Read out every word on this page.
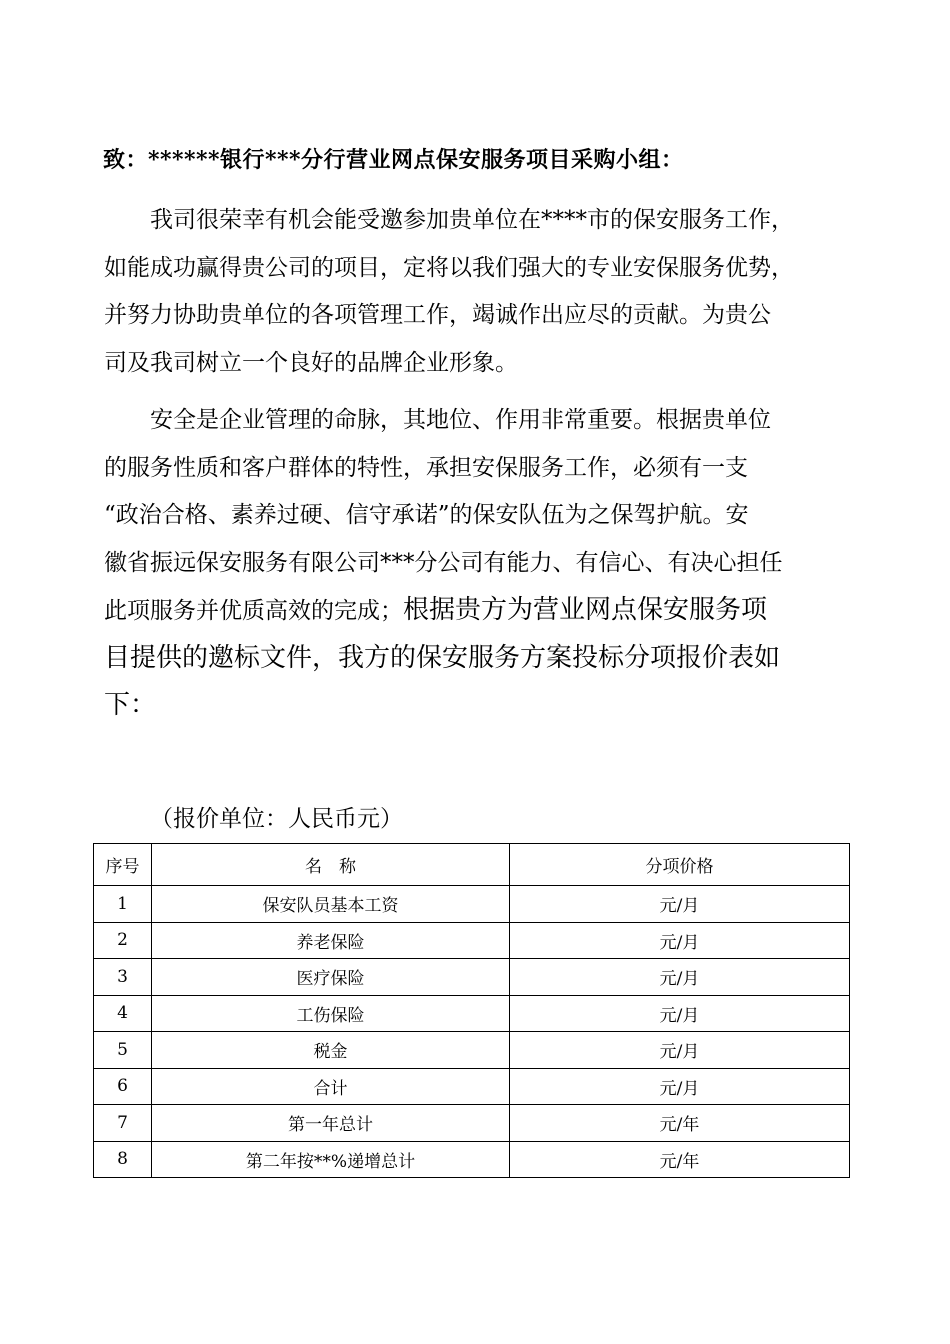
致：******银行***分行营业网点保安服务项目采购小组：
　　我司很荣幸有机会能受邀参加贵单位在****市的保安服务工作，
如能成功赢得贵公司的项目，定将以我们强大的专业安保服务优势，
并努力协助贵单位的各项管理工作，竭诚作出应尽的贡献。为贵公
司及我司树立一个良好的品牌企业形象。
　　安全是企业管理的命脉，其地位、作用非常重要。根据贵单位
的服务性质和客户群体的特性，承担安保服务工作，必须有一支
“政治合格、素养过硬、信守承诺”的保安队伍为之保驾护航。安
徽省振远保安服务有限公司***分公司有能力、有信心、有决心担任
此项服务并优质高效的完成；根据贵方为营业网点保安服务项
目提供的邀标文件，我方的保安服务方案投标分项报价表如
下：
（报价单位：人民币元）
序号	名　称	分项价格
1	保安队员基本工资	元/月
2	养老保险	元/月
3	医疗保险	元/月
4	工伤保险	元/月
5	税金	元/月
6	合计	元/月
7	第一年总计	元/年
8	第二年按**%递增总计	元/年
